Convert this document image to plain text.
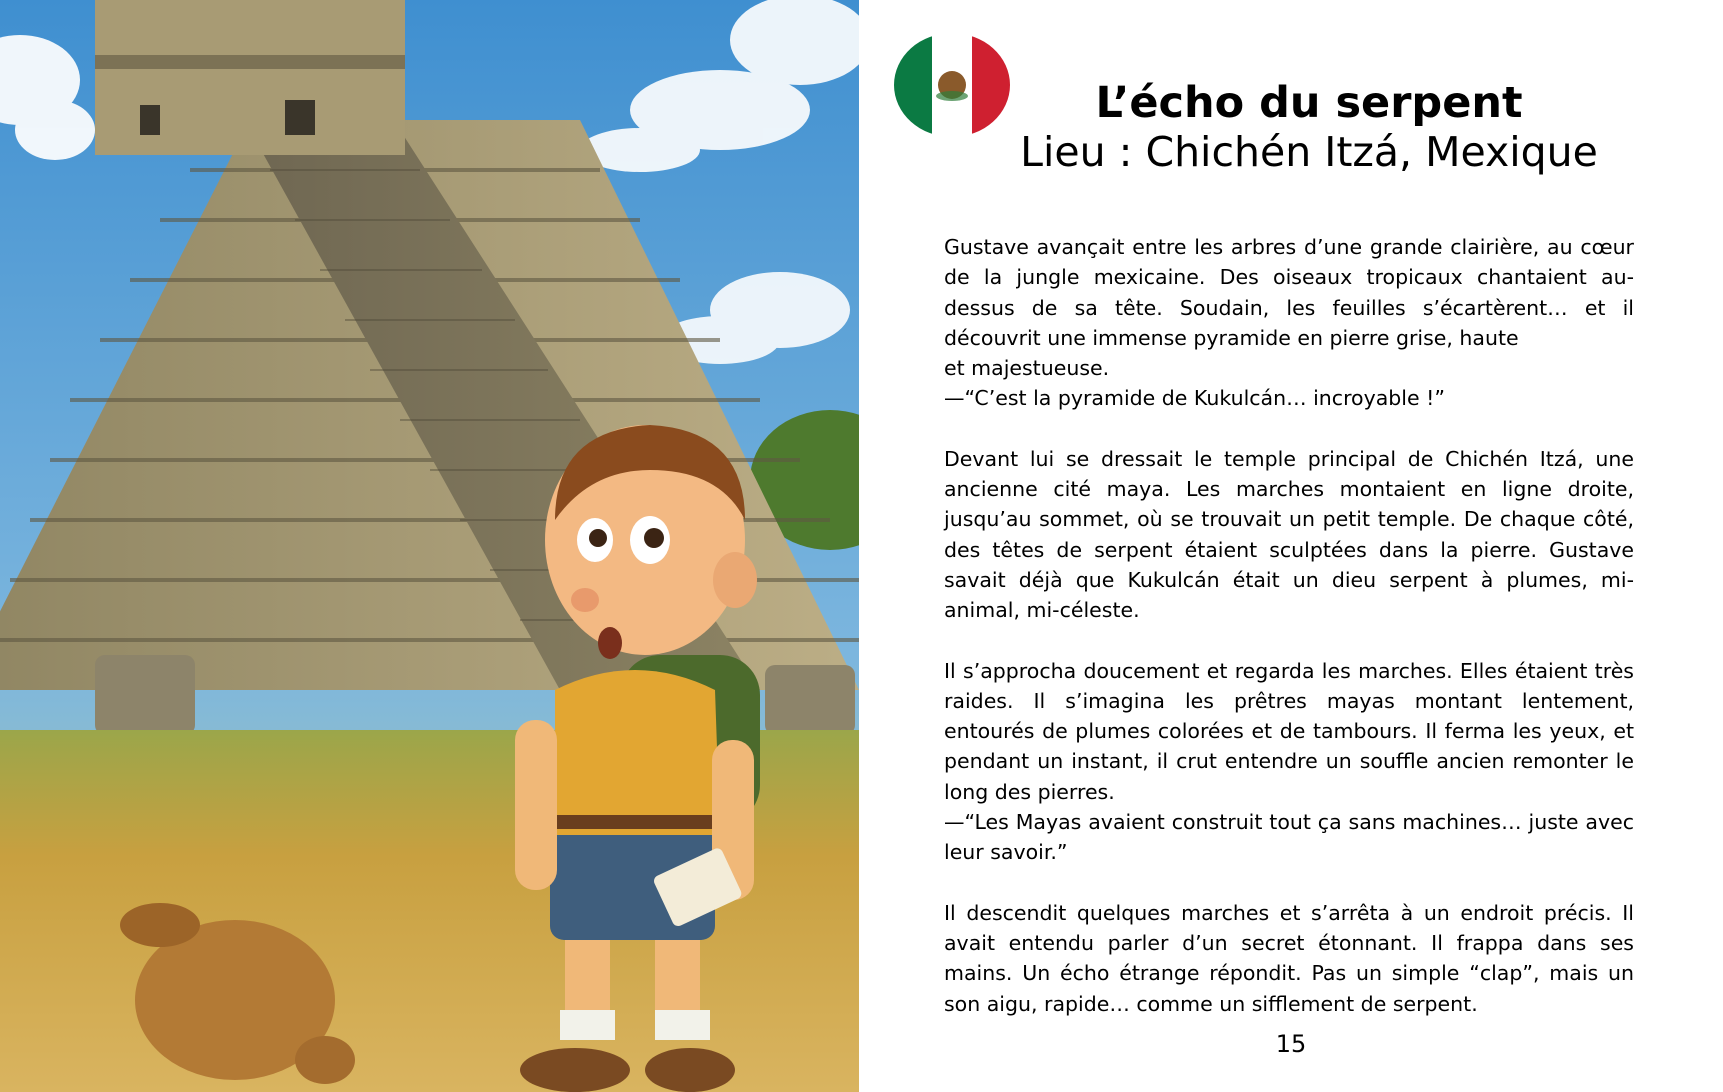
L’écho du serpent

Lieu : Chichén Itzá, Mexique

Gustave avançait entre les arbres d’une grande clairière, au cœur de la jungle mexicaine. Des oiseaux tropicaux chantaient au-dessus de sa tête. Soudain, les feuilles s’écartèrent… et il découvrit une immense pyramide en pierre grise, haute
et majestueuse.
—“C’est la pyramide de Kukulcán… incroyable !”

Devant lui se dressait le temple principal de Chichén Itzá, une ancienne cité maya. Les marches montaient en ligne droite, jusqu’au sommet, où se trouvait un petit temple. De chaque côté, des têtes de serpent étaient sculptées dans la pierre. Gustave savait déjà que Kukulcán était un dieu serpent à plumes, mi-animal, mi-céleste.

Il s’approcha doucement et regarda les marches. Elles étaient très raides. Il s’imagina les prêtres mayas montant lentement, entourés de plumes colorées et de tambours. Il ferma les yeux, et pendant un instant, il crut entendre un souffle ancien remonter le long des pierres.
—“Les Mayas avaient construit tout ça sans machines… juste avec leur savoir.”

Il descendit quelques marches et s’arrêta à un endroit précis. Il avait entendu parler d’un secret étonnant. Il frappa dans ses mains. Un écho étrange répondit. Pas un simple “clap”, mais un son aigu, rapide… comme un sifflement de serpent.

15
